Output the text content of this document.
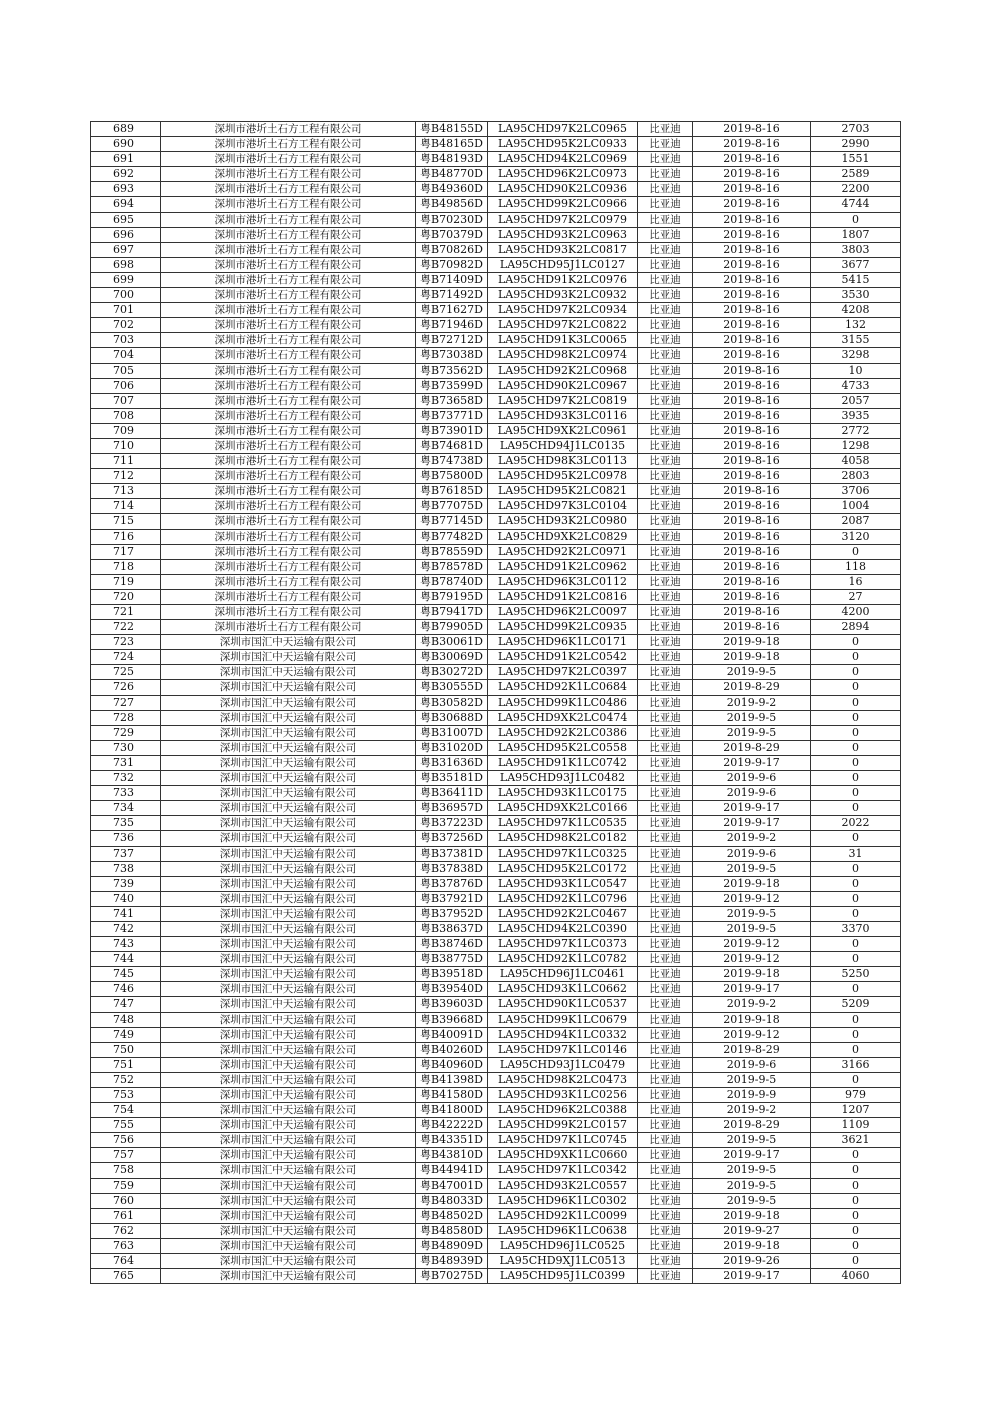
689	深圳市港圻土石方工程有限公司	粤B48155D	LA95CHD97K2LC0965	比亚迪	2019-8-16	2703
690	深圳市港圻土石方工程有限公司	粤B48165D	LA95CHD95K2LC0933	比亚迪	2019-8-16	2990
691	深圳市港圻土石方工程有限公司	粤B48193D	LA95CHD94K2LC0969	比亚迪	2019-8-16	1551
692	深圳市港圻土石方工程有限公司	粤B48770D	LA95CHD96K2LC0973	比亚迪	2019-8-16	2589
693	深圳市港圻土石方工程有限公司	粤B49360D	LA95CHD90K2LC0936	比亚迪	2019-8-16	2200
694	深圳市港圻土石方工程有限公司	粤B49856D	LA95CHD99K2LC0966	比亚迪	2019-8-16	4744
695	深圳市港圻土石方工程有限公司	粤B70230D	LA95CHD97K2LC0979	比亚迪	2019-8-16	0
696	深圳市港圻土石方工程有限公司	粤B70379D	LA95CHD93K2LC0963	比亚迪	2019-8-16	1807
697	深圳市港圻土石方工程有限公司	粤B70826D	LA95CHD93K2LC0817	比亚迪	2019-8-16	3803
698	深圳市港圻土石方工程有限公司	粤B70982D	LA95CHD95J1LC0127	比亚迪	2019-8-16	3677
699	深圳市港圻土石方工程有限公司	粤B71409D	LA95CHD91K2LC0976	比亚迪	2019-8-16	5415
700	深圳市港圻土石方工程有限公司	粤B71492D	LA95CHD93K2LC0932	比亚迪	2019-8-16	3530
701	深圳市港圻土石方工程有限公司	粤B71627D	LA95CHD97K2LC0934	比亚迪	2019-8-16	4208
702	深圳市港圻土石方工程有限公司	粤B71946D	LA95CHD97K2LC0822	比亚迪	2019-8-16	132
703	深圳市港圻土石方工程有限公司	粤B72712D	LA95CHD91K3LC0065	比亚迪	2019-8-16	3155
704	深圳市港圻土石方工程有限公司	粤B73038D	LA95CHD98K2LC0974	比亚迪	2019-8-16	3298
705	深圳市港圻土石方工程有限公司	粤B73562D	LA95CHD92K2LC0968	比亚迪	2019-8-16	10
706	深圳市港圻土石方工程有限公司	粤B73599D	LA95CHD90K2LC0967	比亚迪	2019-8-16	4733
707	深圳市港圻土石方工程有限公司	粤B73658D	LA95CHD97K2LC0819	比亚迪	2019-8-16	2057
708	深圳市港圻土石方工程有限公司	粤B73771D	LA95CHD93K3LC0116	比亚迪	2019-8-16	3935
709	深圳市港圻土石方工程有限公司	粤B73901D	LA95CHD9XK2LC0961	比亚迪	2019-8-16	2772
710	深圳市港圻土石方工程有限公司	粤B74681D	LA95CHD94J1LC0135	比亚迪	2019-8-16	1298
711	深圳市港圻土石方工程有限公司	粤B74738D	LA95CHD98K3LC0113	比亚迪	2019-8-16	4058
712	深圳市港圻土石方工程有限公司	粤B75800D	LA95CHD95K2LC0978	比亚迪	2019-8-16	2803
713	深圳市港圻土石方工程有限公司	粤B76185D	LA95CHD95K2LC0821	比亚迪	2019-8-16	3706
714	深圳市港圻土石方工程有限公司	粤B77075D	LA95CHD97K3LC0104	比亚迪	2019-8-16	1004
715	深圳市港圻土石方工程有限公司	粤B77145D	LA95CHD93K2LC0980	比亚迪	2019-8-16	2087
716	深圳市港圻土石方工程有限公司	粤B77482D	LA95CHD9XK2LC0829	比亚迪	2019-8-16	3120
717	深圳市港圻土石方工程有限公司	粤B78559D	LA95CHD92K2LC0971	比亚迪	2019-8-16	0
718	深圳市港圻土石方工程有限公司	粤B78578D	LA95CHD91K2LC0962	比亚迪	2019-8-16	118
719	深圳市港圻土石方工程有限公司	粤B78740D	LA95CHD96K3LC0112	比亚迪	2019-8-16	16
720	深圳市港圻土石方工程有限公司	粤B79195D	LA95CHD91K2LC0816	比亚迪	2019-8-16	27
721	深圳市港圻土石方工程有限公司	粤B79417D	LA95CHD96K2LC0097	比亚迪	2019-8-16	4200
722	深圳市港圻土石方工程有限公司	粤B79905D	LA95CHD99K2LC0935	比亚迪	2019-8-16	2894
723	深圳市国汇中天运输有限公司	粤B30061D	LA95CHD96K1LC0171	比亚迪	2019-9-18	0
724	深圳市国汇中天运输有限公司	粤B30069D	LA95CHD91K2LC0542	比亚迪	2019-9-18	0
725	深圳市国汇中天运输有限公司	粤B30272D	LA95CHD97K2LC0397	比亚迪	2019-9-5	0
726	深圳市国汇中天运输有限公司	粤B30555D	LA95CHD92K1LC0684	比亚迪	2019-8-29	0
727	深圳市国汇中天运输有限公司	粤B30582D	LA95CHD99K1LC0486	比亚迪	2019-9-2	0
728	深圳市国汇中天运输有限公司	粤B30688D	LA95CHD9XK2LC0474	比亚迪	2019-9-5	0
729	深圳市国汇中天运输有限公司	粤B31007D	LA95CHD92K2LC0386	比亚迪	2019-9-5	0
730	深圳市国汇中天运输有限公司	粤B31020D	LA95CHD95K2LC0558	比亚迪	2019-8-29	0
731	深圳市国汇中天运输有限公司	粤B31636D	LA95CHD91K1LC0742	比亚迪	2019-9-17	0
732	深圳市国汇中天运输有限公司	粤B35181D	LA95CHD93J1LC0482	比亚迪	2019-9-6	0
733	深圳市国汇中天运输有限公司	粤B36411D	LA95CHD93K1LC0175	比亚迪	2019-9-6	0
734	深圳市国汇中天运输有限公司	粤B36957D	LA95CHD9XK2LC0166	比亚迪	2019-9-17	0
735	深圳市国汇中天运输有限公司	粤B37223D	LA95CHD97K1LC0535	比亚迪	2019-9-17	2022
736	深圳市国汇中天运输有限公司	粤B37256D	LA95CHD98K2LC0182	比亚迪	2019-9-2	0
737	深圳市国汇中天运输有限公司	粤B37381D	LA95CHD97K1LC0325	比亚迪	2019-9-6	31
738	深圳市国汇中天运输有限公司	粤B37838D	LA95CHD95K2LC0172	比亚迪	2019-9-5	0
739	深圳市国汇中天运输有限公司	粤B37876D	LA95CHD93K1LC0547	比亚迪	2019-9-18	0
740	深圳市国汇中天运输有限公司	粤B37921D	LA95CHD92K1LC0796	比亚迪	2019-9-12	0
741	深圳市国汇中天运输有限公司	粤B37952D	LA95CHD92K2LC0467	比亚迪	2019-9-5	0
742	深圳市国汇中天运输有限公司	粤B38637D	LA95CHD94K2LC0390	比亚迪	2019-9-5	3370
743	深圳市国汇中天运输有限公司	粤B38746D	LA95CHD97K1LC0373	比亚迪	2019-9-12	0
744	深圳市国汇中天运输有限公司	粤B38775D	LA95CHD92K1LC0782	比亚迪	2019-9-12	0
745	深圳市国汇中天运输有限公司	粤B39518D	LA95CHD96J1LC0461	比亚迪	2019-9-18	5250
746	深圳市国汇中天运输有限公司	粤B39540D	LA95CHD93K1LC0662	比亚迪	2019-9-17	0
747	深圳市国汇中天运输有限公司	粤B39603D	LA95CHD90K1LC0537	比亚迪	2019-9-2	5209
748	深圳市国汇中天运输有限公司	粤B39668D	LA95CHD99K1LC0679	比亚迪	2019-9-18	0
749	深圳市国汇中天运输有限公司	粤B40091D	LA95CHD94K1LC0332	比亚迪	2019-9-12	0
750	深圳市国汇中天运输有限公司	粤B40260D	LA95CHD97K1LC0146	比亚迪	2019-8-29	0
751	深圳市国汇中天运输有限公司	粤B40960D	LA95CHD93J1LC0479	比亚迪	2019-9-6	3166
752	深圳市国汇中天运输有限公司	粤B41398D	LA95CHD98K2LC0473	比亚迪	2019-9-5	0
753	深圳市国汇中天运输有限公司	粤B41580D	LA95CHD93K1LC0256	比亚迪	2019-9-9	979
754	深圳市国汇中天运输有限公司	粤B41800D	LA95CHD96K2LC0388	比亚迪	2019-9-2	1207
755	深圳市国汇中天运输有限公司	粤B42222D	LA95CHD99K2LC0157	比亚迪	2019-8-29	1109
756	深圳市国汇中天运输有限公司	粤B43351D	LA95CHD97K1LC0745	比亚迪	2019-9-5	3621
757	深圳市国汇中天运输有限公司	粤B43810D	LA95CHD9XK1LC0660	比亚迪	2019-9-17	0
758	深圳市国汇中天运输有限公司	粤B44941D	LA95CHD97K1LC0342	比亚迪	2019-9-5	0
759	深圳市国汇中天运输有限公司	粤B47001D	LA95CHD93K2LC0557	比亚迪	2019-9-5	0
760	深圳市国汇中天运输有限公司	粤B48033D	LA95CHD96K1LC0302	比亚迪	2019-9-5	0
761	深圳市国汇中天运输有限公司	粤B48502D	LA95CHD92K1LC0099	比亚迪	2019-9-18	0
762	深圳市国汇中天运输有限公司	粤B48580D	LA95CHD96K1LC0638	比亚迪	2019-9-27	0
763	深圳市国汇中天运输有限公司	粤B48909D	LA95CHD96J1LC0525	比亚迪	2019-9-18	0
764	深圳市国汇中天运输有限公司	粤B48939D	LA95CHD9XJ1LC0513	比亚迪	2019-9-26	0
765	深圳市国汇中天运输有限公司	粤B70275D	LA95CHD95J1LC0399	比亚迪	2019-9-17	4060
